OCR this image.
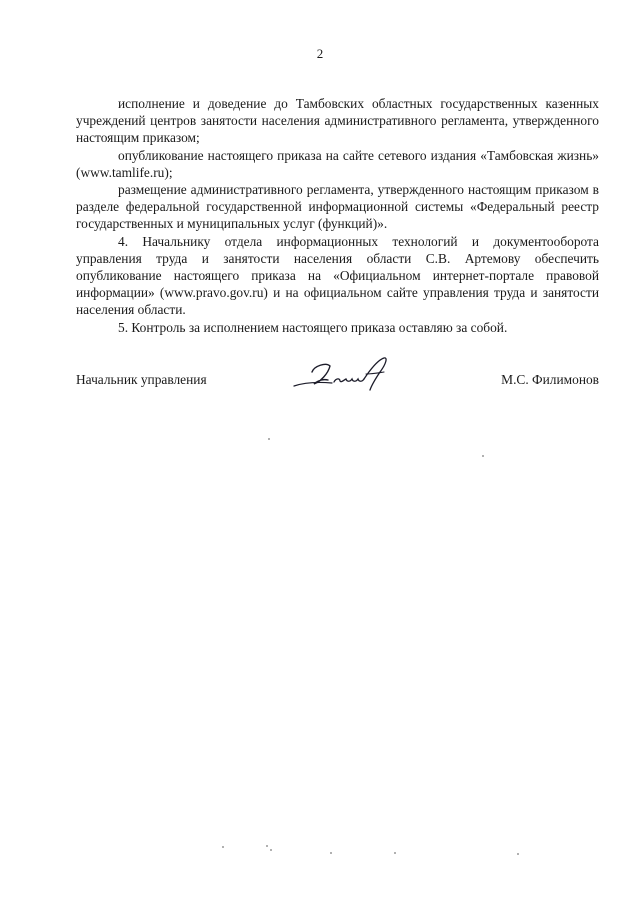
2

исполнение и доведение до Тамбовских областных государственных казенных учреждений центров занятости населения административного регламента, утвержденного настоящим приказом;

опубликование настоящего приказа на сайте сетевого издания «Тамбовская жизнь» (www.tamlife.ru);

размещение административного регламента, утвержденного настоящим приказом в разделе федеральной государственной информационной системы «Федеральный реестр государственных и муниципальных услуг (функций)».

4. Начальнику отдела информационных технологий и документооборота управления труда и занятости населения области С.В. Артемову обеспечить опубликование настоящего приказа на «Официальном интернет-портале правовой информации» (www.pravo.gov.ru) и на официальном сайте управления труда и занятости населения области.

5. Контроль за исполнением настоящего приказа оставляю за собой.

Начальник управления	М.С. Филимонов
